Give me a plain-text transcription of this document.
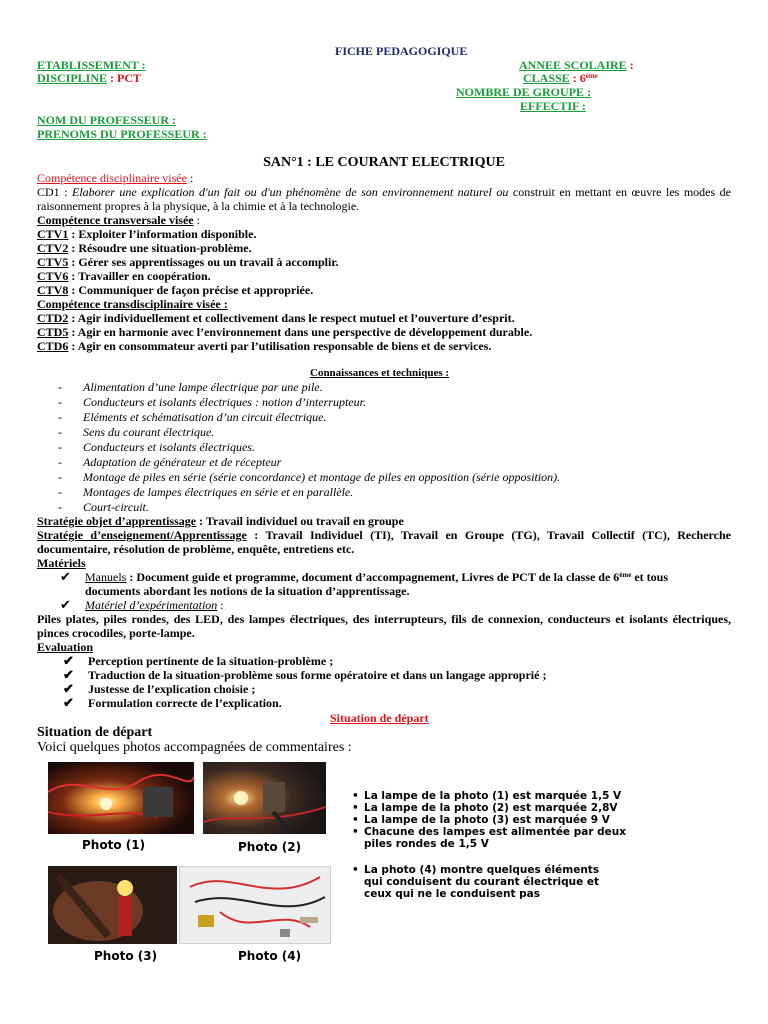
FICHE PEDAGOGIQUE
ETABLISSEMENT :
DISCIPLINE : PCT
ANNEE SCOLAIRE :
CLASSE : 6ème
NOMBRE DE GROUPE :
EFFECTIF :
NOM DU PROFESSEUR :
PRENOMS DU PROFESSEUR :
SAN°1 : LE COURANT ELECTRIQUE
Compétence disciplinaire visée :
CD1 : Elaborer une explication d'un fait ou d'un phénomène de son environnement naturel ou construit en mettant en œuvre les modes de raisonnement propres à la physique, à la chimie et à la technologie.
Compétence transversale visée :
CTV1 : Exploiter l’information disponible.
CTV2 : Résoudre une situation-problème.
CTV5 : Gérer ses apprentissages ou un travail à accomplir.
CTV6 : Travailler en coopération.
CTV8 : Communiquer de façon précise et appropriée.
Compétence transdisciplinaire visée :
CTD2 : Agir individuellement et collectivement dans le respect mutuel et l’ouverture d’esprit.
CTD5 : Agir en harmonie avec l’environnement dans une perspective de développement durable.
CTD6 : Agir en consommateur averti par l’utilisation responsable de biens et de services.
Connaissances et techniques :
- Alimentation d’une lampe électrique par une pile.
- Conducteurs et isolants électriques : notion d’interrupteur.
- Eléments et schématisation d’un circuit électrique.
- Sens du courant électrique.
- Conducteurs et isolants électriques.
- Adaptation de générateur et de récepteur
- Montage de piles en série (série concordance) et montage de piles en opposition (série opposition).
- Montages de lampes électriques en série et en parallèle.
- Court-circuit.
Stratégie objet d’apprentissage : Travail individuel ou travail en groupe
Stratégie d’enseignement/Apprentissage : Travail Individuel (TI), Travail en Groupe (TG), Travail Collectif (TC), Recherche documentaire, résolution de problème, enquête, entretiens etc.
Matériels
✔ Manuels : Document guide et programme, document d’accompagnement, Livres de PCT de la classe de 6ème et tous
documents abordant les notions de la situation d’apprentissage.
✔ Matériel d’expérimentation :
Piles plates, piles rondes, des LED, des lampes électriques, des interrupteurs, fils de connexion, conducteurs et isolants électriques, pinces crocodiles, porte-lampe.
Evaluation
✔ Perception pertinente de la situation-problème ;
✔ Traduction de la situation-problème sous forme opératoire et dans un langage approprié ;
✔ Justesse de l’explication choisie ;
✔ Formulation correcte de l’explication.
Situation de départ
Situation de départ
Voici quelques photos accompagnées de commentaires :
Photo (1)	Photo (2)
Photo (3)	Photo (4)
• La lampe de la photo (1) est marquée 1,5 V
• La lampe de la photo (2) est marquée 2,8V
• La lampe de la photo (3) est marquée 9 V
• Chacune des lampes est alimentée par deux
piles rondes de 1,5 V
• La photo (4) montre quelques éléments
qui conduisent du courant électrique et
ceux qui ne le conduisent pas
